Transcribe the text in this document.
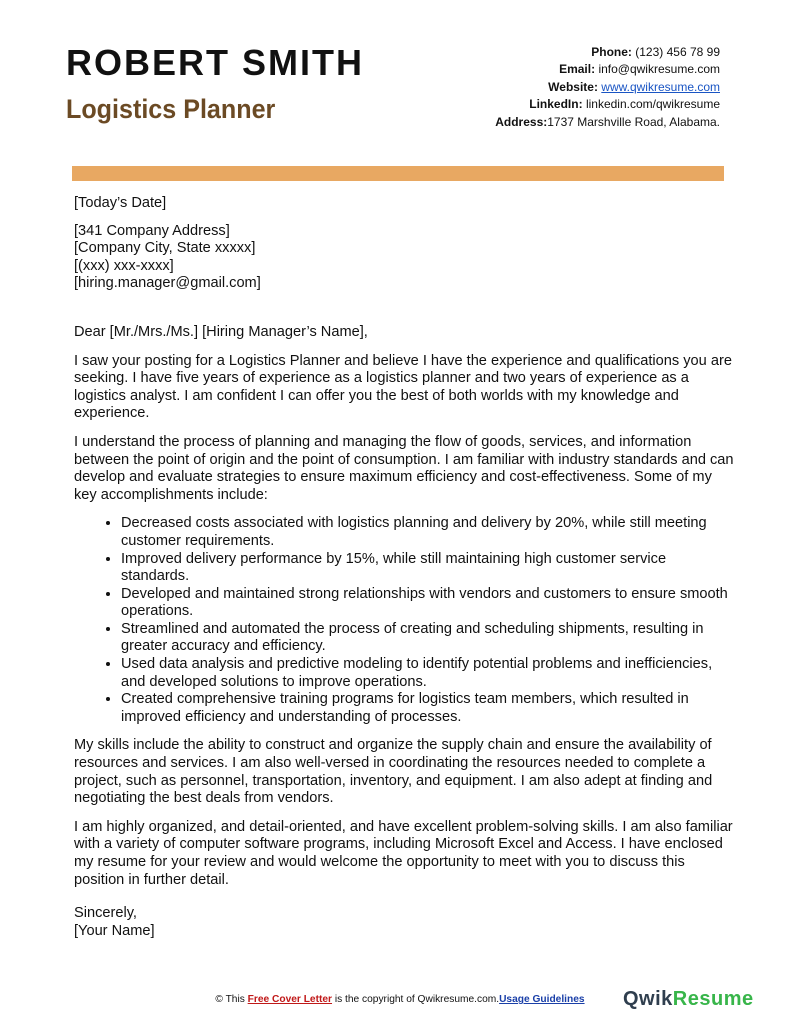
ROBERT SMITH
Logistics Planner
Phone: (123) 456 78 99
Email: info@qwikresume.com
Website: www.qwikresume.com
LinkedIn: linkedin.com/qwikresume
Address:1737 Marshville Road, Alabama.

[Today’s Date]

[341 Company Address]
[Company City, State xxxxx]
[(xxx) xxx-xxxx]
[hiring.manager@gmail.com]

Dear [Mr./Mrs./Ms.] [Hiring Manager’s Name],

I saw your posting for a Logistics Planner and believe I have the experience and qualifications you are seeking. I have five years of experience as a logistics planner and two years of experience as a logistics analyst. I am confident I can offer you the best of both worlds with my knowledge and experience.

I understand the process of planning and managing the flow of goods, services, and information between the point of origin and the point of consumption. I am familiar with industry standards and can develop and evaluate strategies to ensure maximum efficiency and cost-effectiveness. Some of my key accomplishments include:

• Decreased costs associated with logistics planning and delivery by 20%, while still meeting customer requirements.
• Improved delivery performance by 15%, while still maintaining high customer service standards.
• Developed and maintained strong relationships with vendors and customers to ensure smooth operations.
• Streamlined and automated the process of creating and scheduling shipments, resulting in greater accuracy and efficiency.
• Used data analysis and predictive modeling to identify potential problems and inefficiencies, and developed solutions to improve operations.
• Created comprehensive training programs for logistics team members, which resulted in improved efficiency and understanding of processes.

My skills include the ability to construct and organize the supply chain and ensure the availability of resources and services. I am also well-versed in coordinating the resources needed to complete a project, such as personnel, transportation, inventory, and equipment. I am also adept at finding and negotiating the best deals from vendors.

I am highly organized, and detail-oriented, and have excellent problem-solving skills. I am also familiar with a variety of computer software programs, including Microsoft Excel and Access. I have enclosed my resume for your review and would welcome the opportunity to meet with you to discuss this position in further detail.

Sincerely,
[Your Name]

© This Free Cover Letter is the copyright of Qwikresume.com.Usage Guidelines	QwikResume
